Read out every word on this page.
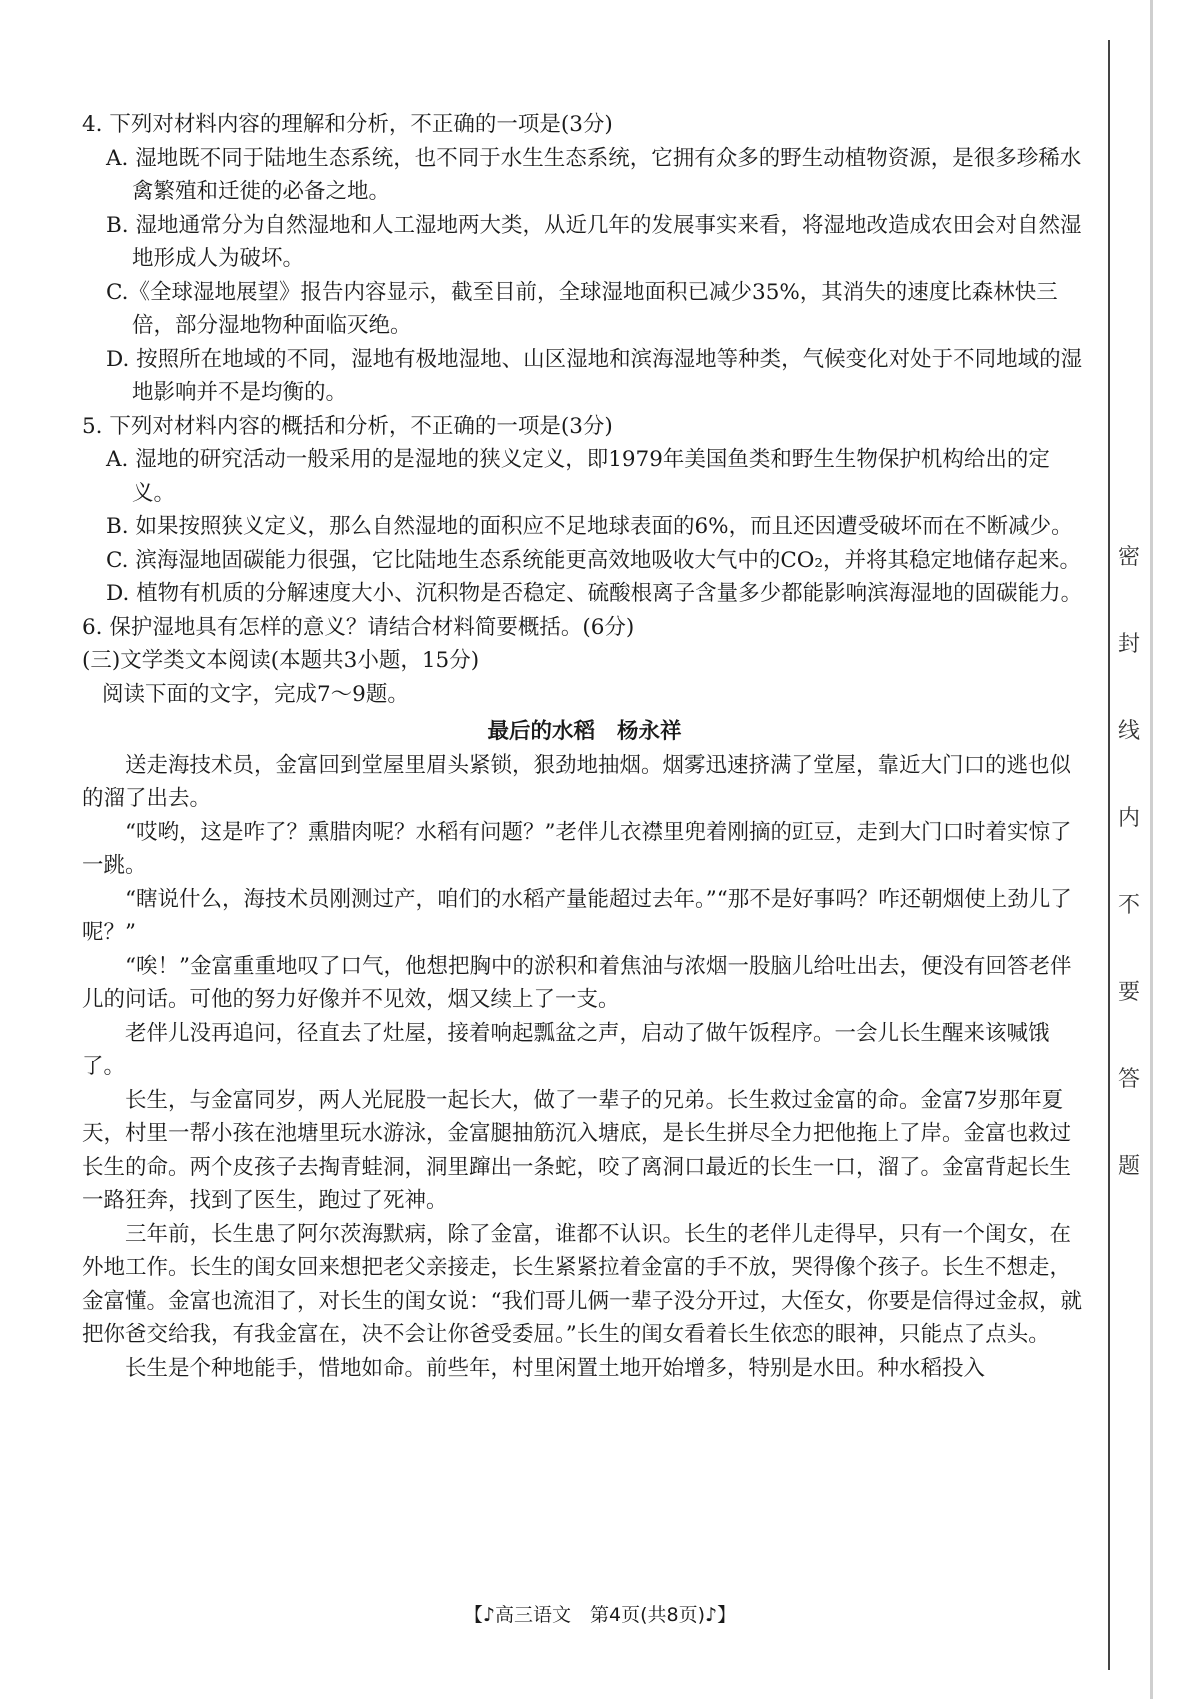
密
封
线
内
不
要
答
题

4. 下列对材料内容的理解和分析，不正确的一项是(3分)

A. 湿地既不同于陆地生态系统，也不同于水生生态系统，它拥有众多的野生动植物资源，是很多珍稀水禽繁殖和迁徙的必备之地。

B. 湿地通常分为自然湿地和人工湿地两大类，从近几年的发展事实来看，将湿地改造成农田会对自然湿地形成人为破坏。

C.《全球湿地展望》报告内容显示，截至目前，全球湿地面积已减少35%，其消失的速度比森林快三倍，部分湿地物种面临灭绝。

D. 按照所在地域的不同，湿地有极地湿地、山区湿地和滨海湿地等种类，气候变化对处于不同地域的湿地影响并不是均衡的。

5. 下列对材料内容的概括和分析，不正确的一项是(3分)

A. 湿地的研究活动一般采用的是湿地的狭义定义，即1979年美国鱼类和野生生物保护机构给出的定义。

B. 如果按照狭义定义，那么自然湿地的面积应不足地球表面的6%，而且还因遭受破坏而在不断减少。

C. 滨海湿地固碳能力很强，它比陆地生态系统能更高效地吸收大气中的CO₂，并将其稳定地储存起来。

D. 植物有机质的分解速度大小、沉积物是否稳定、硫酸根离子含量多少都能影响滨海湿地的固碳能力。

6. 保护湿地具有怎样的意义？请结合材料简要概括。(6分)

(三)文学类文本阅读(本题共3小题，15分)

阅读下面的文字，完成7～9题。

最后的水稻 杨永祥

送走海技术员，金富回到堂屋里眉头紧锁，狠劲地抽烟。烟雾迅速挤满了堂屋，靠近大门口的逃也似的溜了出去。

“哎哟，这是咋了？熏腊肉呢？水稻有问题？”老伴儿衣襟里兜着刚摘的豇豆，走到大门口时着实惊了一跳。

“瞎说什么，海技术员刚测过产，咱们的水稻产量能超过去年。”“那不是好事吗？咋还朝烟使上劲儿了呢？”

“唉！”金富重重地叹了口气，他想把胸中的淤积和着焦油与浓烟一股脑儿给吐出去，便没有回答老伴儿的问话。可他的努力好像并不见效，烟又续上了一支。

老伴儿没再追问，径直去了灶屋，接着响起瓢盆之声，启动了做午饭程序。一会儿长生醒来该喊饿了。

长生，与金富同岁，两人光屁股一起长大，做了一辈子的兄弟。长生救过金富的命。金富7岁那年夏天，村里一帮小孩在池塘里玩水游泳，金富腿抽筋沉入塘底，是长生拼尽全力把他拖上了岸。金富也救过长生的命。两个皮孩子去掏青蛙洞，洞里蹿出一条蛇，咬了离洞口最近的长生一口，溜了。金富背起长生一路狂奔，找到了医生，跑过了死神。

三年前，长生患了阿尔茨海默病，除了金富，谁都不认识。长生的老伴儿走得早，只有一个闺女，在外地工作。长生的闺女回来想把老父亲接走，长生紧紧拉着金富的手不放，哭得像个孩子。长生不想走，金富懂。金富也流泪了，对长生的闺女说：“我们哥儿俩一辈子没分开过，大侄女，你要是信得过金叔，就把你爸交给我，有我金富在，决不会让你爸受委屈。”长生的闺女看着长生依恋的眼神，只能点了点头。

长生是个种地能手，惜地如命。前些年，村里闲置土地开始增多，特别是水田。种水稻投入

【♪高三语文　第4页(共8页)♪】
